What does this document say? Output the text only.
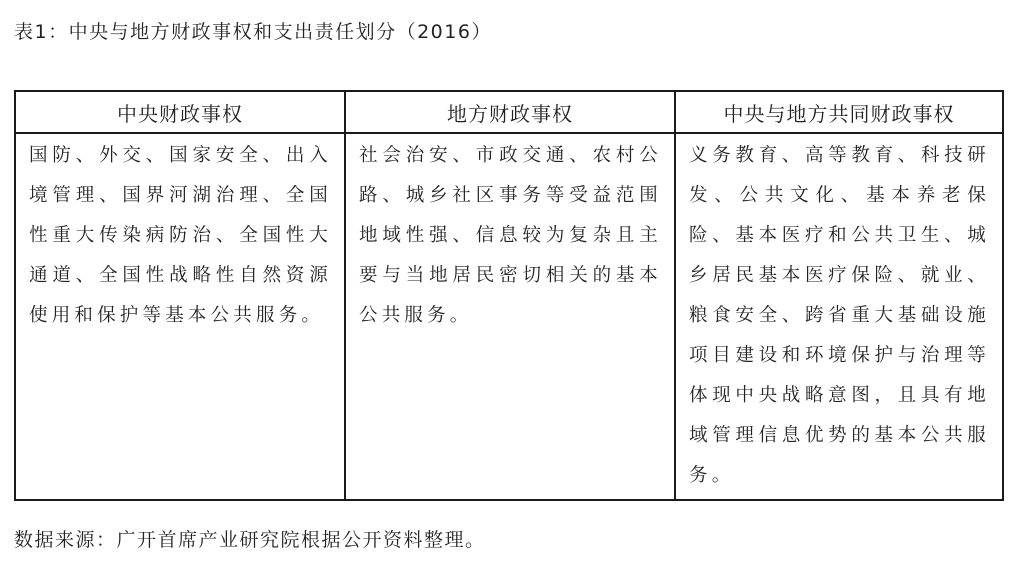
表1：中央与地方财政事权和支出责任划分（2016）
中央财政事权	地方财政事权	中央与地方共同财政事权
国防、外交、国家安全、出入境管理、国界河湖治理、全国性重大传染病防治、全国性大通道、全国性战略性自然资源使用和保护等基本公共服务。	社会治安、市政交通、农村公路、城乡社区事务等受益范围地域性强、信息较为复杂且主要与当地居民密切相关的基本公共服务。	义务教育、高等教育、科技研发、公共文化、基本养老保险、基本医疗和公共卫生、城乡居民基本医疗保险、就业、粮食安全、跨省重大基础设施项目建设和环境保护与治理等体现中央战略意图，且具有地域管理信息优势的基本公共服务。
数据来源：广开首席产业研究院根据公开资料整理。
